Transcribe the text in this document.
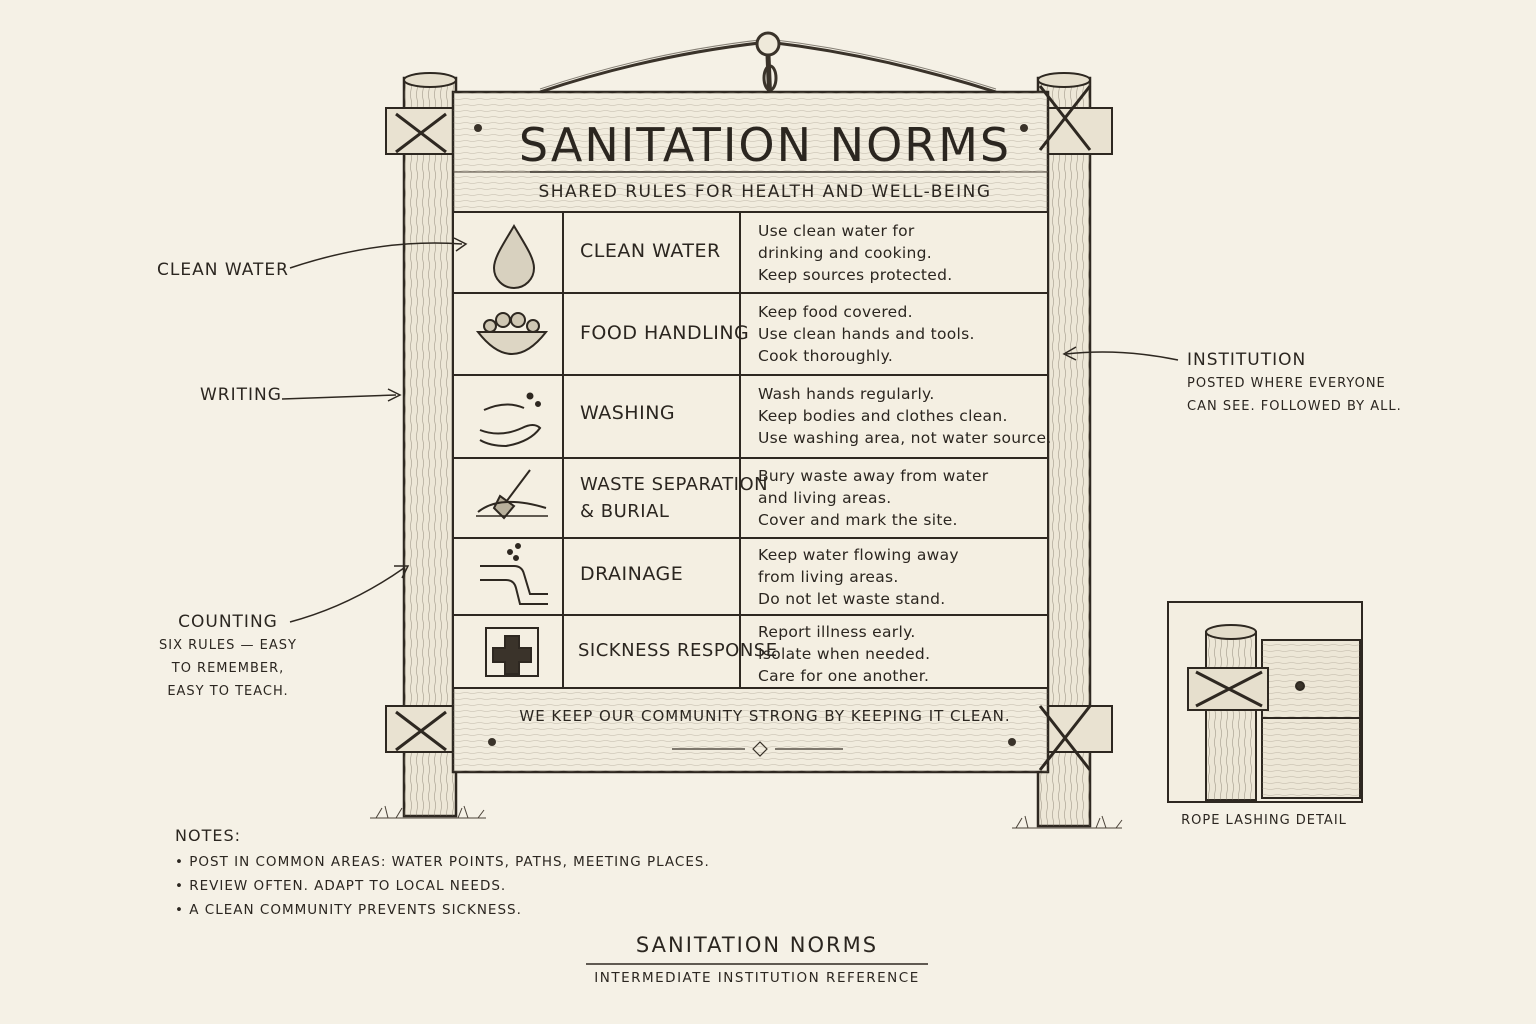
SANITATION NORMS
SHARED RULES FOR HEALTH AND WELL-BEING
CLEAN WATER
Use clean water for
drinking and cooking.
Keep sources protected.
FOOD HANDLING
Keep food covered.
Use clean hands and tools.
Cook thoroughly.
WASHING
Wash hands regularly.
Keep bodies and clothes clean.
Use washing area, not water source.
WASTE SEPARATION
& BURIAL
Bury waste away from water
and living areas.
Cover and mark the site.
DRAINAGE
Keep water flowing away
from living areas.
Do not let waste stand.
SICKNESS RESPONSE
Report illness early.
Isolate when needed.
Care for one another.
WE KEEP OUR COMMUNITY STRONG BY KEEPING IT CLEAN.
CLEAN WATER
WRITING
COUNTING
SIX RULES — EASY
TO REMEMBER,
EASY TO TEACH.
INSTITUTION
POSTED WHERE EVERYONE
CAN SEE. FOLLOWED BY ALL.
ROPE LASHING DETAIL
NOTES:
• POST IN COMMON AREAS: WATER POINTS, PATHS, MEETING PLACES.
• REVIEW OFTEN. ADAPT TO LOCAL NEEDS.
• A CLEAN COMMUNITY PREVENTS SICKNESS.
SANITATION NORMS
INTERMEDIATE INSTITUTION REFERENCE
